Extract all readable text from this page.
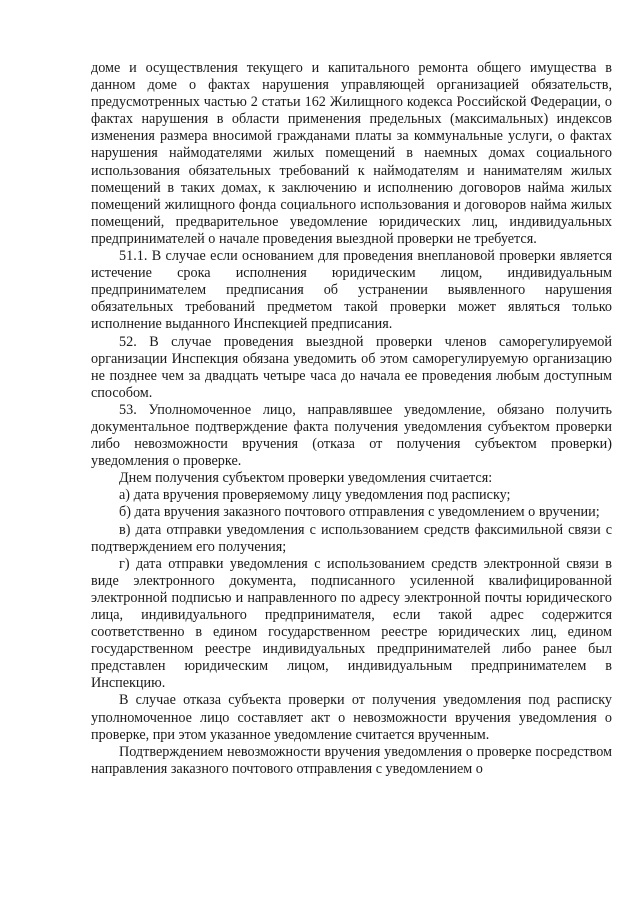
доме и осуществления текущего и капитального ремонта общего имущества в данном доме о фактах нарушения управляющей организацией обязательств, предусмотренных частью 2 статьи 162 Жилищного кодекса Российской Федерации, о фактах нарушения в области применения предельных (максимальных) индексов изменения размера вносимой гражданами платы за коммунальные услуги, о фактах нарушения наймодателями жилых помещений в наемных домах социального использования обязательных требований к наймодателям и нанимателям жилых помещений в таких домах, к заключению и исполнению договоров найма жилых помещений жилищного фонда социального использования и договоров найма жилых помещений, предварительное уведомление юридических лиц, индивидуальных предпринимателей о начале проведения выездной проверки не требуется.

51.1. В случае если основанием для проведения внеплановой проверки является истечение срока исполнения юридическим лицом, индивидуальным предпринимателем предписания об устранении выявленного нарушения обязательных требований предметом такой проверки может являться только исполнение выданного Инспекцией предписания.

52. В случае проведения выездной проверки членов саморегулируемой организации Инспекция обязана уведомить об этом саморегулируемую организацию не позднее чем за двадцать четыре часа до начала ее проведения любым доступным способом.

53. Уполномоченное лицо, направлявшее уведомление, обязано получить документальное подтверждение факта получения уведомления субъектом проверки либо невозможности вручения (отказа от получения субъектом проверки) уведомления о проверке.

Днем получения субъектом проверки уведомления считается:

а) дата вручения проверяемому лицу уведомления под расписку;

б) дата вручения заказного почтового отправления с уведомлением о вручении;

в) дата отправки уведомления с использованием средств факсимильной связи с подтверждением его получения;

г) дата отправки уведомления с использованием средств электронной связи в виде электронного документа, подписанного усиленной квалифицированной электронной подписью и направленного по адресу электронной почты юридического лица, индивидуального предпринимателя, если такой адрес содержится соответственно в едином государственном реестре юридических лиц, едином государственном реестре индивидуальных предпринимателей либо ранее был представлен юридическим лицом, индивидуальным предпринимателем в Инспекцию.

В случае отказа субъекта проверки от получения уведомления под расписку уполномоченное лицо составляет акт о невозможности вручения уведомления о проверке, при этом указанное уведомление считается врученным.

Подтверждением невозможности вручения уведомления о проверке посредством направления заказного почтового отправления с уведомлением о
